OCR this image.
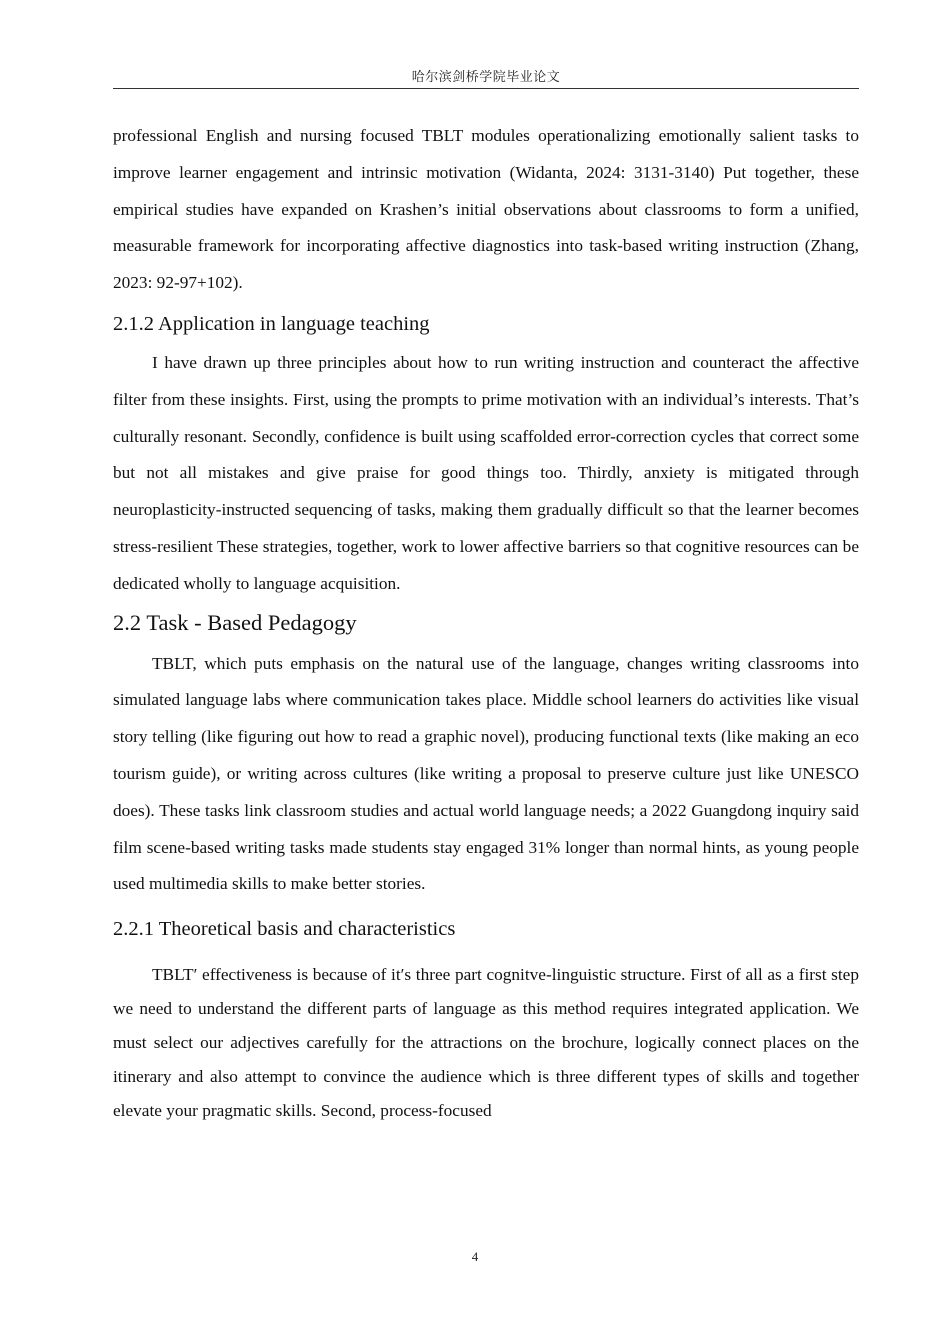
哈尔滨剑桥学院毕业论文

professional English and nursing focused TBLT modules operationalizing emotionally salient tasks to improve learner engagement and intrinsic motivation (Widanta, 2024: 3131-3140) Put together, these empirical studies have expanded on Krashen’s initial observations about classrooms to form a unified, measurable framework for incorporating affective diagnostics into task-based writing instruction (Zhang, 2023: 92-97+102).

2.1.2 Application in language teaching

I have drawn up three principles about how to run writing instruction and counteract the affective filter from these insights. First, using the prompts to prime motivation with an individual’s interests. That’s culturally resonant. Secondly, confidence is built using scaffolded error-correction cycles that correct some but not all mistakes and give praise for good things too. Thirdly, anxiety is mitigated through neuroplasticity-instructed sequencing of tasks, making them gradually difficult so that the learner becomes stress-resilient These strategies, together, work to lower affective barriers so that cognitive resources can be dedicated wholly to language acquisition.

2.2 Task - Based Pedagogy

TBLT, which puts emphasis on the natural use of the language, changes writing classrooms into simulated language labs where communication takes place. Middle school learners do activities like visual story telling (like figuring out how to read a graphic novel), producing functional texts (like making an eco tourism guide), or writing across cultures (like writing a proposal to preserve culture just like UNESCO does). These tasks link classroom studies and actual world language needs; a 2022 Guangdong inquiry said film scene-based writing tasks made students stay engaged 31% longer than normal hints, as young people used multimedia skills to make better stories.

2.2.1 Theoretical basis and characteristics

TBLT′ effectiveness is because of it′s three part cognitve-linguistic structure. First of all as a first step we need to understand the different parts of language as this method requires integrated application. We must select our adjectives carefully for the attractions on the brochure, logically connect places on the itinerary and also attempt to convince the audience which is three different types of skills and together elevate your pragmatic skills. Second, process-focused

4
